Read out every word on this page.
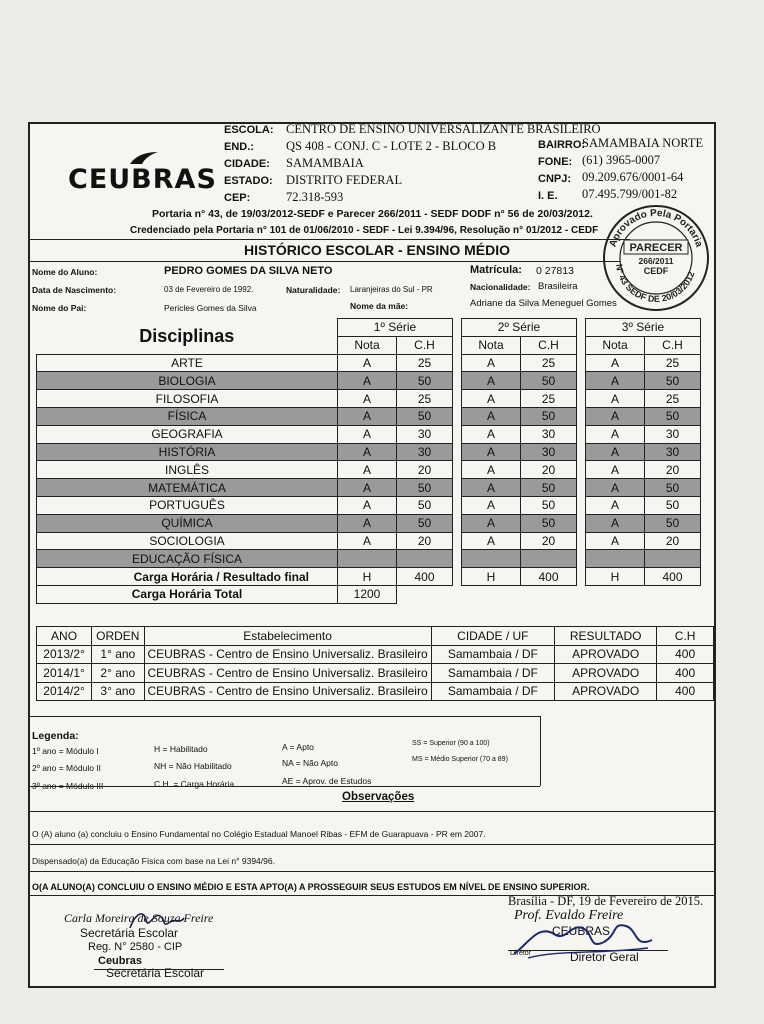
CEUBRAS
ESCOLA: CENTRO DE ENSINO UNIVERSALIZANTE BRASILEIRO
END.:	QS 408 - CONJ. C - LOTE 2 - BLOCO B
CIDADE: SAMAMBAIA
ESTADO: DISTRITO FEDERAL
CEP:	72.318-593
BAIRRO:
SAMAMBAIA NORTE
FONE: (61) 3965-0007
CNPJ: 09.209.676/0001-64
I. E. 07.495.799/001-82
Portaria n° 43, de 19/03/2012-SEDF e Parecer 266/2011 - SEDF DODF n° 56 de 20/03/2012.
Credenciado pela Portaria n° 101 de 01/06/2010 - SEDF - Lei 9.394/96, Resolução n° 01/2012 - CEDF
HISTÓRICO ESCOLAR - ENSINO MÉDIO
Nome do Aluno:	PEDRO GOMES DA SILVA NETO	Matrícula: 0 27813
Data de Nascimento:	03 de Fevereiro de 1992.	Naturalidade: Laranjeiras do Sul - PR	Nacionalidade: Brasileira
Nome do Pai:	Pericles Gomes da Silva	Nome da mãe:	Adriane da Silva Meneguel Gomes
Disciplinas	1º Série			2º Série			3º Série	
	Nota	C.H		Nota	C.H		Nota	C.H
ARTE	A	25		A	25		A	25
BIOLOGIA	A	50		A	50		A	50
FILOSOFIA	A	25		A	25		A	25
FÍSICA	A	50		A	50		A	50
GEOGRAFIA	A	30		A	30		A	30
HISTÓRIA	A	30		A	30		A	30
INGLÊS	A	20		A	20		A	20
MATEMÁTICA	A	50		A	50		A	50
PORTUGUÊS	A	50		A	50		A	50
QUÍMICA	A	50		A	50		A	50
SOCIOLOGIA	A	20		A	20		A	20
EDUCAÇÃO FÍSICA								
Carga Horária / Resultado final	H	400		H	400		H	400
Carga Horária Total	1200							
ANO	ORDEN	Estabelecimento	CIDADE / UF	RESULTADO	C.H
2013/2°	1° ano	CEUBRAS - Centro de Ensino Universaliz. Brasileiro	Samambaia / DF	APROVADO	400
2014/1°	2° ano	CEUBRAS - Centro de Ensino Universaliz. Brasileiro	Samambaia / DF	APROVADO	400
2014/2°	3° ano	CEUBRAS - Centro de Ensino Universaliz. Brasileiro	Samambaia / DF	APROVADO	400
Legenda:
1º ano = Módulo I
2º ano = Módulo II
3º ano = Módulo III
H = Habilitado
NH = Não Habilitado
C.H. = Carga Horária
A = Apto
NA = Não Apto
AE = Aprov. de Estudos
SS = Superior (90 a 100)
MS = Médio Superior (70 a 89)
Observações
O (A) aluno (a) concluiu o Ensino Fundamental no Colégio Estadual Manoel Ribas - EFM de Guarapuava - PR em 2007.
Dispensado(a) da Educação Física com base na Lei n° 9394/96.
O(A ALUNO(A) CONCLUIU O ENSINO MÉDIO E ESTA APTO(A) A PROSSEGUIR SEUS ESTUDOS EM NÍVEL DE ENSINO SUPERIOR.
Brasília - DF, 19 de Fevereiro de 2015.
Carla Moreira de Souza Freire
Secretária Escolar
Reg. N° 2580 - CIP
Ceubras
Secretária Escolar
Prof. Evaldo Freire
CEUBRAS
Diretor	Diretor Geral
Aprovado Pela Portaria
N° 43 SEDF DE 20/03/2012
PARECER
266/2011
CEDF
